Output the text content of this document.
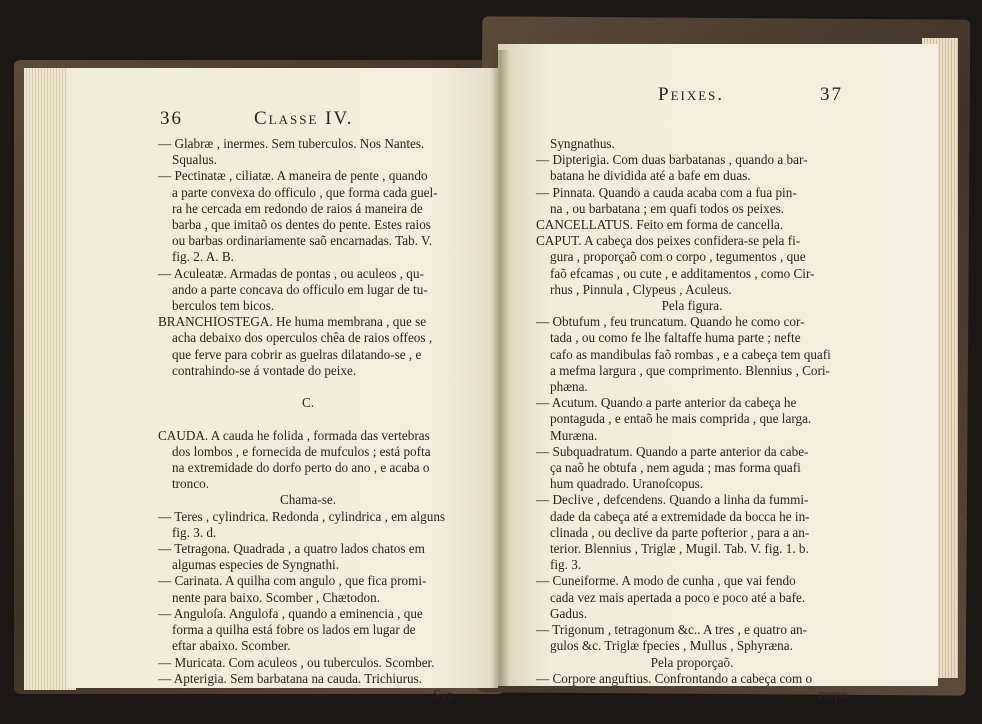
36	Classe IV.
— Glabræ , inermes. Sem tuberculos. Nos Nantes.
Squalus.
— Pectinatæ , ciliatæ. A maneira de pente , quando
a parte convexa do officulo , que forma cada guel-
ra he cercada em redondo de raios á maneira de
barba , que imitaõ os dentes do pente. Estes raios
ou barbas ordinariamente saõ encarnadas. Tab. V.
fig. 2. A. B.
— Aculeatæ. Armadas de pontas , ou aculeos , qu-
ando a parte concava do officulo em lugar de tu-
berculos tem bicos.
BRANCHIOSTEGA. He huma membrana , que se
acha debaixo dos operculos chêa de raios offeos ,
que ferve para cobrir as guelras dilatando-se , e
contrahindo-se á vontade do peixe.

C.

CAUDA. A cauda he folida , formada das vertebras
dos lombos , e fornecida de mufculos ; está pofta
na extremidade do dorfo perto do ano , e acaba o
tronco.
Chama-se.
— Teres , cylindrica. Redonda , cylindrica , em alguns
fig. 3. d.
— Tetragona. Quadrada , a quatro lados chatos em
algumas especies de Syngnathi.
— Carinata. A quilha com angulo , que fica promi-
nente para baixo. Scomber , Chætodon.
— Anguloſa. Angulofa , quando a eminencia , que
forma a quilha está fobre os lados em lugar de
eftar abaixo. Scomber.
— Muricata. Com aculeos , ou tuberculos. Scomber.
— Apterigia. Sem barbatana na cauda. Trichiurus.
Syn-
Peixes.	37
Syngnathus.
— Dipterigia. Com duas barbatanas , quando a bar-
batana he dividida até a bafe em duas.
— Pinnata. Quando a cauda acaba com a fua pin-
na , ou barbatana ; em quafi todos os peixes.
CANCELLATUS. Feito em forma de cancella.
CAPUT. A cabeça dos peixes confidera-se pela fi-
gura , proporçaõ com o corpo , tegumentos , que
faõ efcamas , ou cute , e additamentos , como Cir-
rhus , Pinnula , Clypeus , Aculeus.
Pela figura.
— Obtufum , feu truncatum. Quando he como cor-
tada , ou como fe lhe faltaffe huma parte ; nefte
cafo as mandibulas faõ rombas , e a cabeça tem quafi
a mefma largura , que comprimento. Blennius , Cori-
phæna.
— Acutum. Quando a parte anterior da cabeça he
pontaguda , e entaõ he mais comprida , que larga.
Muræna.
— Subquadratum. Quando a parte anterior da cabe-
ça naõ he obtufa , nem aguda ; mas forma quafi
hum quadrado. Uranoſcopus.
— Declive , defcendens. Quando a linha da fummi-
dade da cabeça até a extremidade da bocca he in-
clinada , ou declive da parte pofterior , para a an-
terior. Blennius , Triglæ , Mugil. Tab. V. fig. 1. b.
fig. 3.
— Cuneiforme. A modo de cunha , que vai fendo
cada vez mais apertada a poco e poco até a bafe.
Gadus.
— Trigonum , tetragonum &c.. A tres , e quatro an-
gulos &c. Triglæ fpecies , Mullus , Sphyræna.
Pela proporçaõ.
— Corpore anguftius. Confrontando a cabeça com o
corpo
